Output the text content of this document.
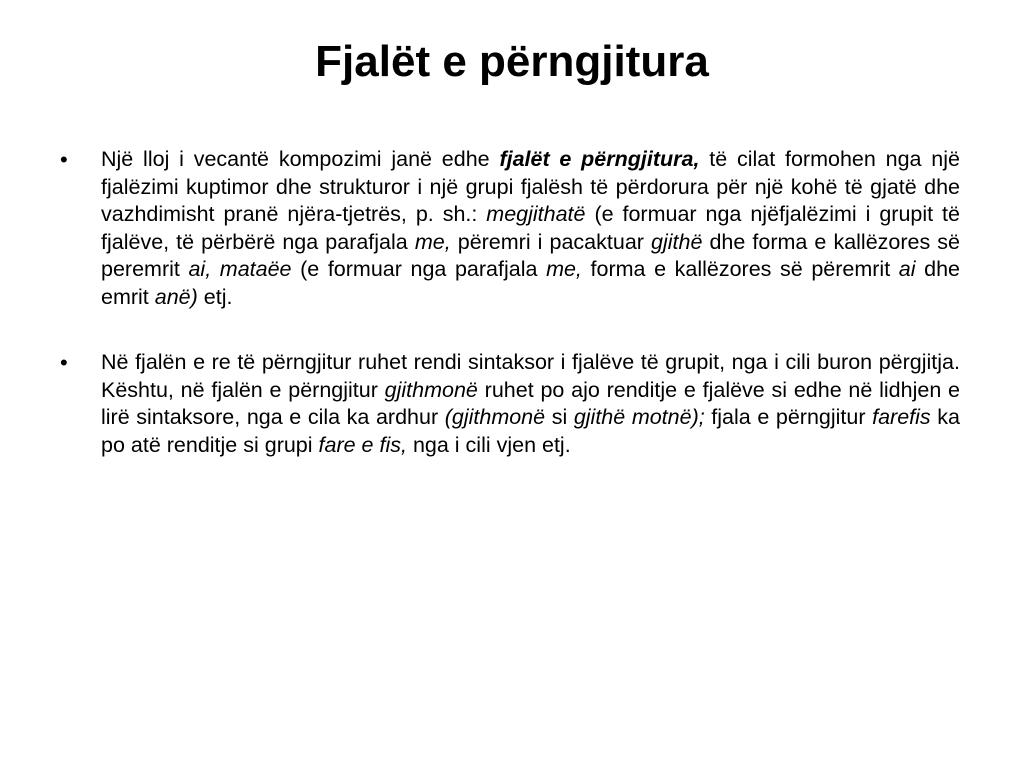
Fjalët e përngjitura
•	Një lloj i vecantë kompozimi janë edhe fjalët e përngjitura, të cilat formohen nga një fjalëzimi kuptimor dhe strukturor i një grupi fjalësh të përdorura për një kohë të gjatë dhe vazhdimisht pranë njëra-tjetrës, p. sh.: megjithatë (e formuar nga njëfjalëzimi i grupit të fjalëve, të përbërë nga parafjala me, përemri i pacaktuar gjithë dhe forma e kallëzores së peremrit ai, mataëe (e formuar nga parafjala me, forma e kallëzores së përemrit ai dhe emrit anë) etj.
•	Në fjalën e re të përngjitur ruhet rendi sintaksor i fjalëve të grupit, nga i cili buron përgjitja. Kështu, në fjalën e përngjitur gjithmonë ruhet po ajo renditje e fjalëve si edhe në lidhjen e lirë sintaksore, nga e cila ka ardhur (gjithmonë si gjithë motnë); fjala e përngjitur farefis ka po atë renditje si grupi fare e fis, nga i cili vjen etj.
